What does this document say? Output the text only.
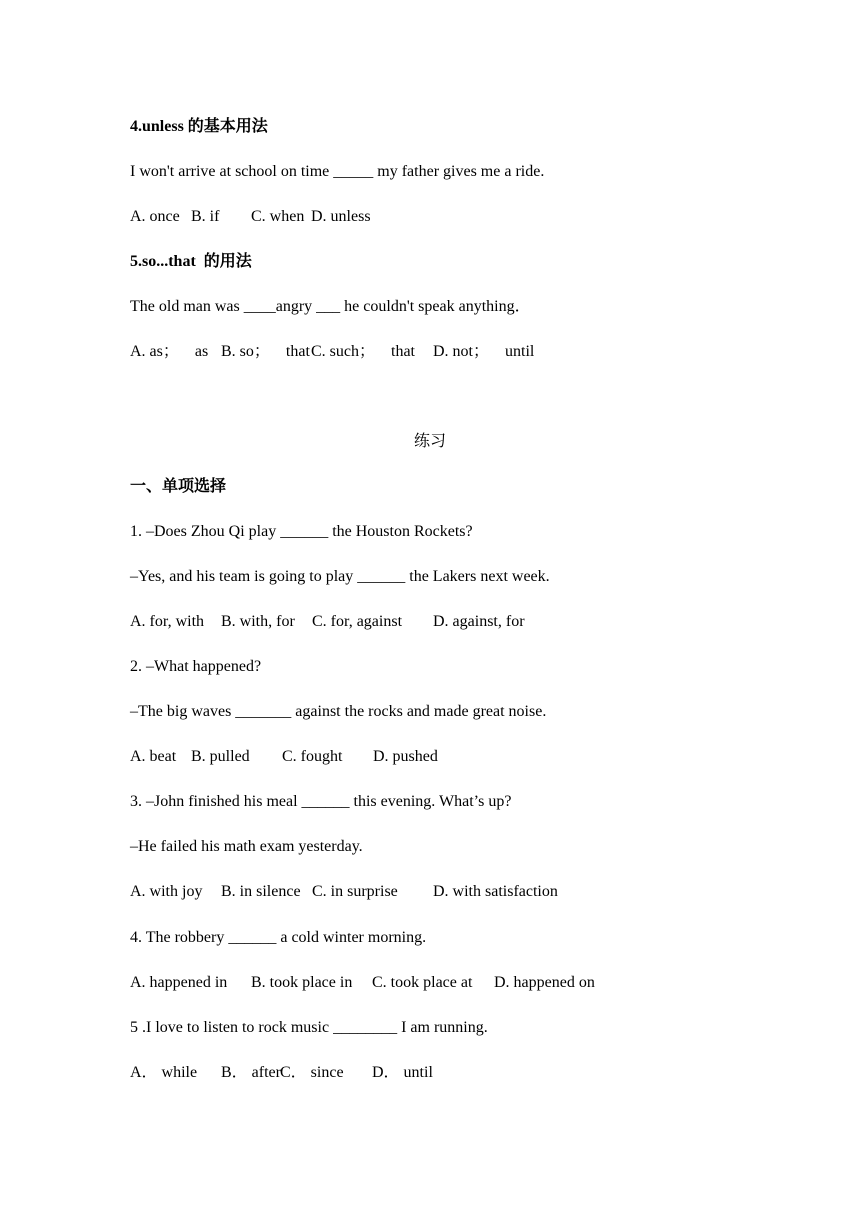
4.unless 的基本用法
I won't arrive at school on time _____ my father gives me a ride.

A. once

B. if

C. when

D. unless

5.so...that  的用法
The old man was ____angry ___ he couldn't speak anything．

A. as；    as

B. so；    that

C. such；    that

D. not；    until

练习
一、单项选择
1. –Does Zhou Qi play ______ the Houston Rockets?
–Yes, and his team is going to play ______ the Lakers next week.

A. for, with

B. with, for

C. for, against

D. against, for

2. –What happened?
–The big waves _______ against the rocks and made great noise.

A. beat

B. pulled

C. fought

D. pushed

3. –John finished his meal ______ this evening. What’s up?
–He failed his math exam yesterday.

A. with joy

B. in silence

C. in surprise

D. with satisfaction

4. The robbery ______ a cold winter morning.

A. happened in

B. took place in

C. took place at

D. happened on

5 .I love to listen to rock music ________ I am running.

A． while

B． after

C． since

D． until
